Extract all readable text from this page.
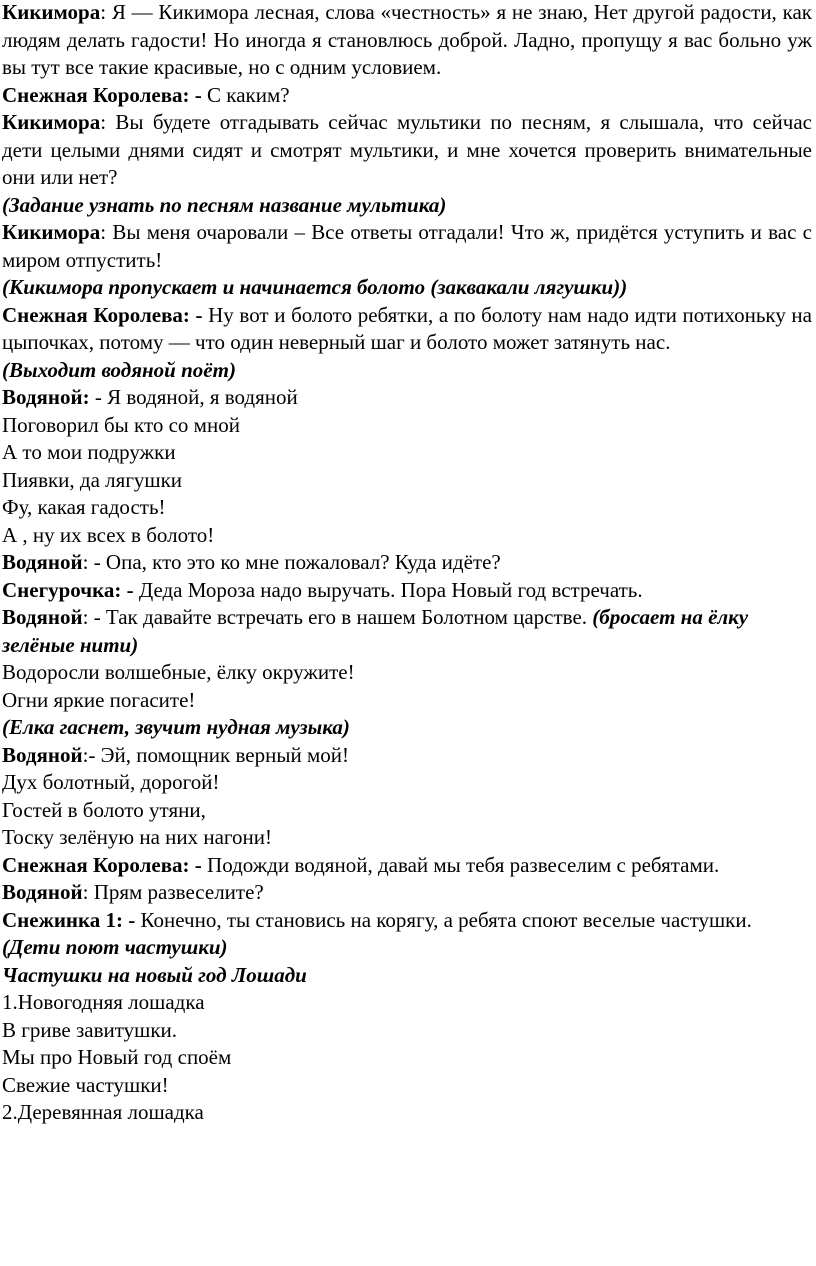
Кикимора: Я — Кикимора лесная, слова «честность» я не знаю, Нет другой радости, как людям делать гадости! Но иногда я становлюсь доброй. Ладно, пропущу я вас больно уж вы тут все такие красивые, но с одним условием.

Снежная Королева: - С каким?

Кикимора: Вы будете отгадывать сейчас мультики по песням, я слышала, что сейчас дети целыми днями сидят и смотрят мультики, и мне хочется проверить внимательные они или нет?

(Задание узнать по песням название мультика)

Кикимора: Вы меня очаровали – Все ответы отгадали! Что ж, придётся уступить и вас с миром отпустить!

(Кикимора пропускает и начинается болото (заквакали лягушки))

Снежная Королева: - Ну вот и болото ребятки, а по болоту нам надо идти потихоньку на цыпочках, потому — что один неверный шаг и болото может затянуть нас.

(Выходит водяной поёт)

Водяной: - Я водяной, я водяной

Поговорил бы кто со мной

А то мои подружки

Пиявки, да лягушки

Фу, какая гадость!

А , ну их всех в болото!

Водяной: - Опа, кто это ко мне пожаловал? Куда идёте?

Снегурочка: - Деда Мороза надо выручать. Пора Новый год встречать.

Водяной: - Так давайте встречать его в нашем Болотном царстве. (бросает на ёлку зелёные нити)

Водоросли волшебные, ёлку окружите!

Огни яркие погасите!

(Елка гаснет, звучит нудная музыка)

Водяной:- Эй, помощник верный мой!

Дух болотный, дорогой!

Гостей в болото утяни,

Тоску зелёную на них нагони!

Снежная Королева: - Подожди водяной, давай мы тебя развеселим с ребятами.

Водяной: Прям развеселите?

Снежинка 1: - Конечно, ты становись на корягу, а ребята споют веселые частушки.

(Дети поют частушки)

Частушки на новый год Лошади

1.Новогодняя лошадка

В гриве завитушки.

Мы про Новый год споём

Свежие частушки!

2.Деревянная лошадка
